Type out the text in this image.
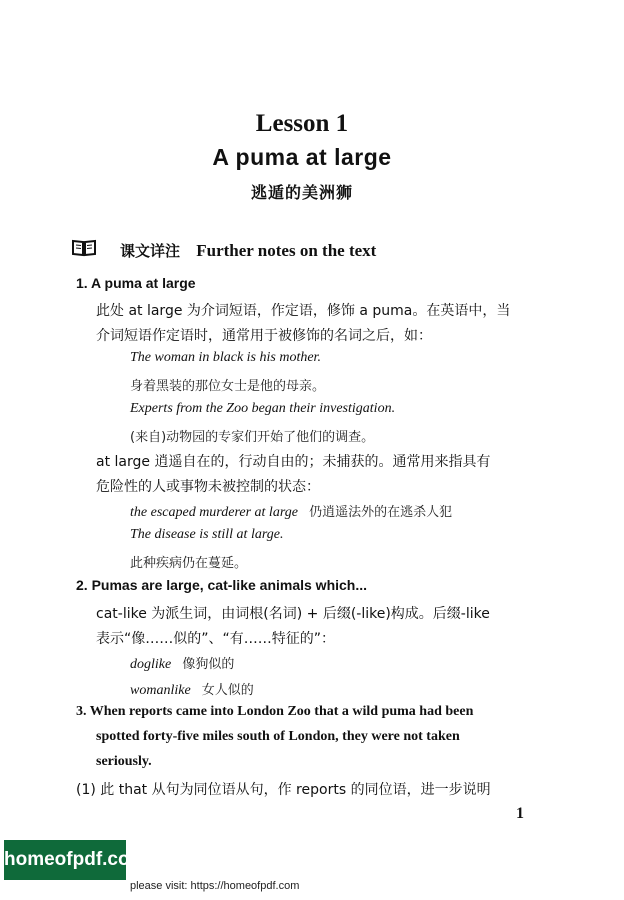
Lesson 1
A puma at large
逃遁的美洲狮
课文详注 Further notes on the text
1. A puma at large
此处 at large 为介词短语，作定语，修饰 a puma。在英语中，当
介词短语作定语时，通常用于被修饰的名词之后，如：
The woman in black is his mother.
身着黑装的那位女士是他的母亲。
Experts from the Zoo began their investigation.
(来自)动物园的专家们开始了他们的调查。
at large 逍遥自在的，行动自由的；未捕获的。通常用来指具有
危险性的人或事物未被控制的状态：
the escaped murderer at large 仍逍遥法外的在逃杀人犯
The disease is still at large.
此种疾病仍在蔓延。
2. Pumas are large, cat-like animals which...
cat-like 为派生词，由词根(名词) + 后缀(-like)构成。后缀-like
表示“像……似的”、“有……特征的”：
doglike 像狗似的
womanlike 女人似的
3. When reports came into London Zoo that a wild puma had been
spotted forty-five miles south of London, they were not taken
seriously.
(1) 此 that 从句为同位语从句，作 reports 的同位语，进一步说明
1
homeofpdf.com
please visit: https://homeofpdf.com
